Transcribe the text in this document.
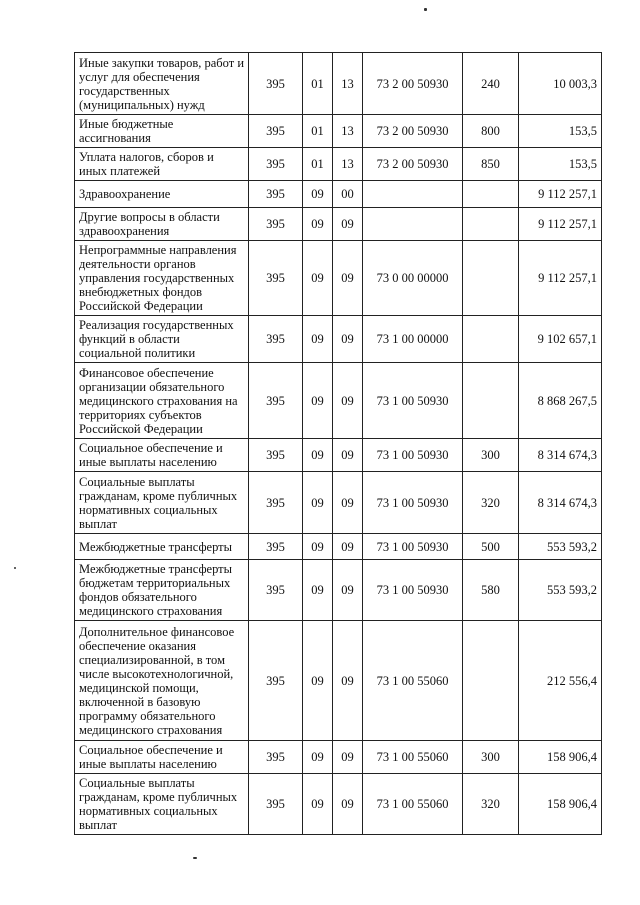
Иные закупки товаров, работ и услуг для обеспечения государственных (муниципальных) нужд	395	01	13	73 2 00 50930	240	10 003,3
Иные бюджетные ассигнования	395	01	13	73 2 00 50930	800	153,5
Уплата налогов, сборов и иных платежей	395	01	13	73 2 00 50930	850	153,5
Здравоохранение	395	09	00			9 112 257,1
Другие вопросы в области здравоохранения	395	09	09			9 112 257,1
Непрограммные направления деятельности органов управления государственных внебюджетных фондов Российской Федерации	395	09	09	73 0 00 00000		9 112 257,1
Реализация государственных функций в области социальной политики	395	09	09	73 1 00 00000		9 102 657,1
Финансовое обеспечение организации обязательного медицинского страхования на территориях субъектов Российской Федерации	395	09	09	73 1 00 50930		8 868 267,5
Социальное обеспечение и иные выплаты населению	395	09	09	73 1 00 50930	300	8 314 674,3
Социальные выплаты гражданам, кроме публичных нормативных социальных выплат	395	09	09	73 1 00 50930	320	8 314 674,3
Межбюджетные трансферты	395	09	09	73 1 00 50930	500	553 593,2
Межбюджетные трансферты бюджетам территориальных фондов обязательного медицинского страхования	395	09	09	73 1 00 50930	580	553 593,2
Дополнительное финансовое обеспечение оказания специализированной, в том числе высокотехнологичной, медицинской помощи, включенной в базовую программу обязательного медицинского страхования	395	09	09	73 1 00 55060		212 556,4
Социальное обеспечение и иные выплаты населению	395	09	09	73 1 00 55060	300	158 906,4
Социальные выплаты гражданам, кроме публичных нормативных социальных выплат	395	09	09	73 1 00 55060	320	158 906,4
